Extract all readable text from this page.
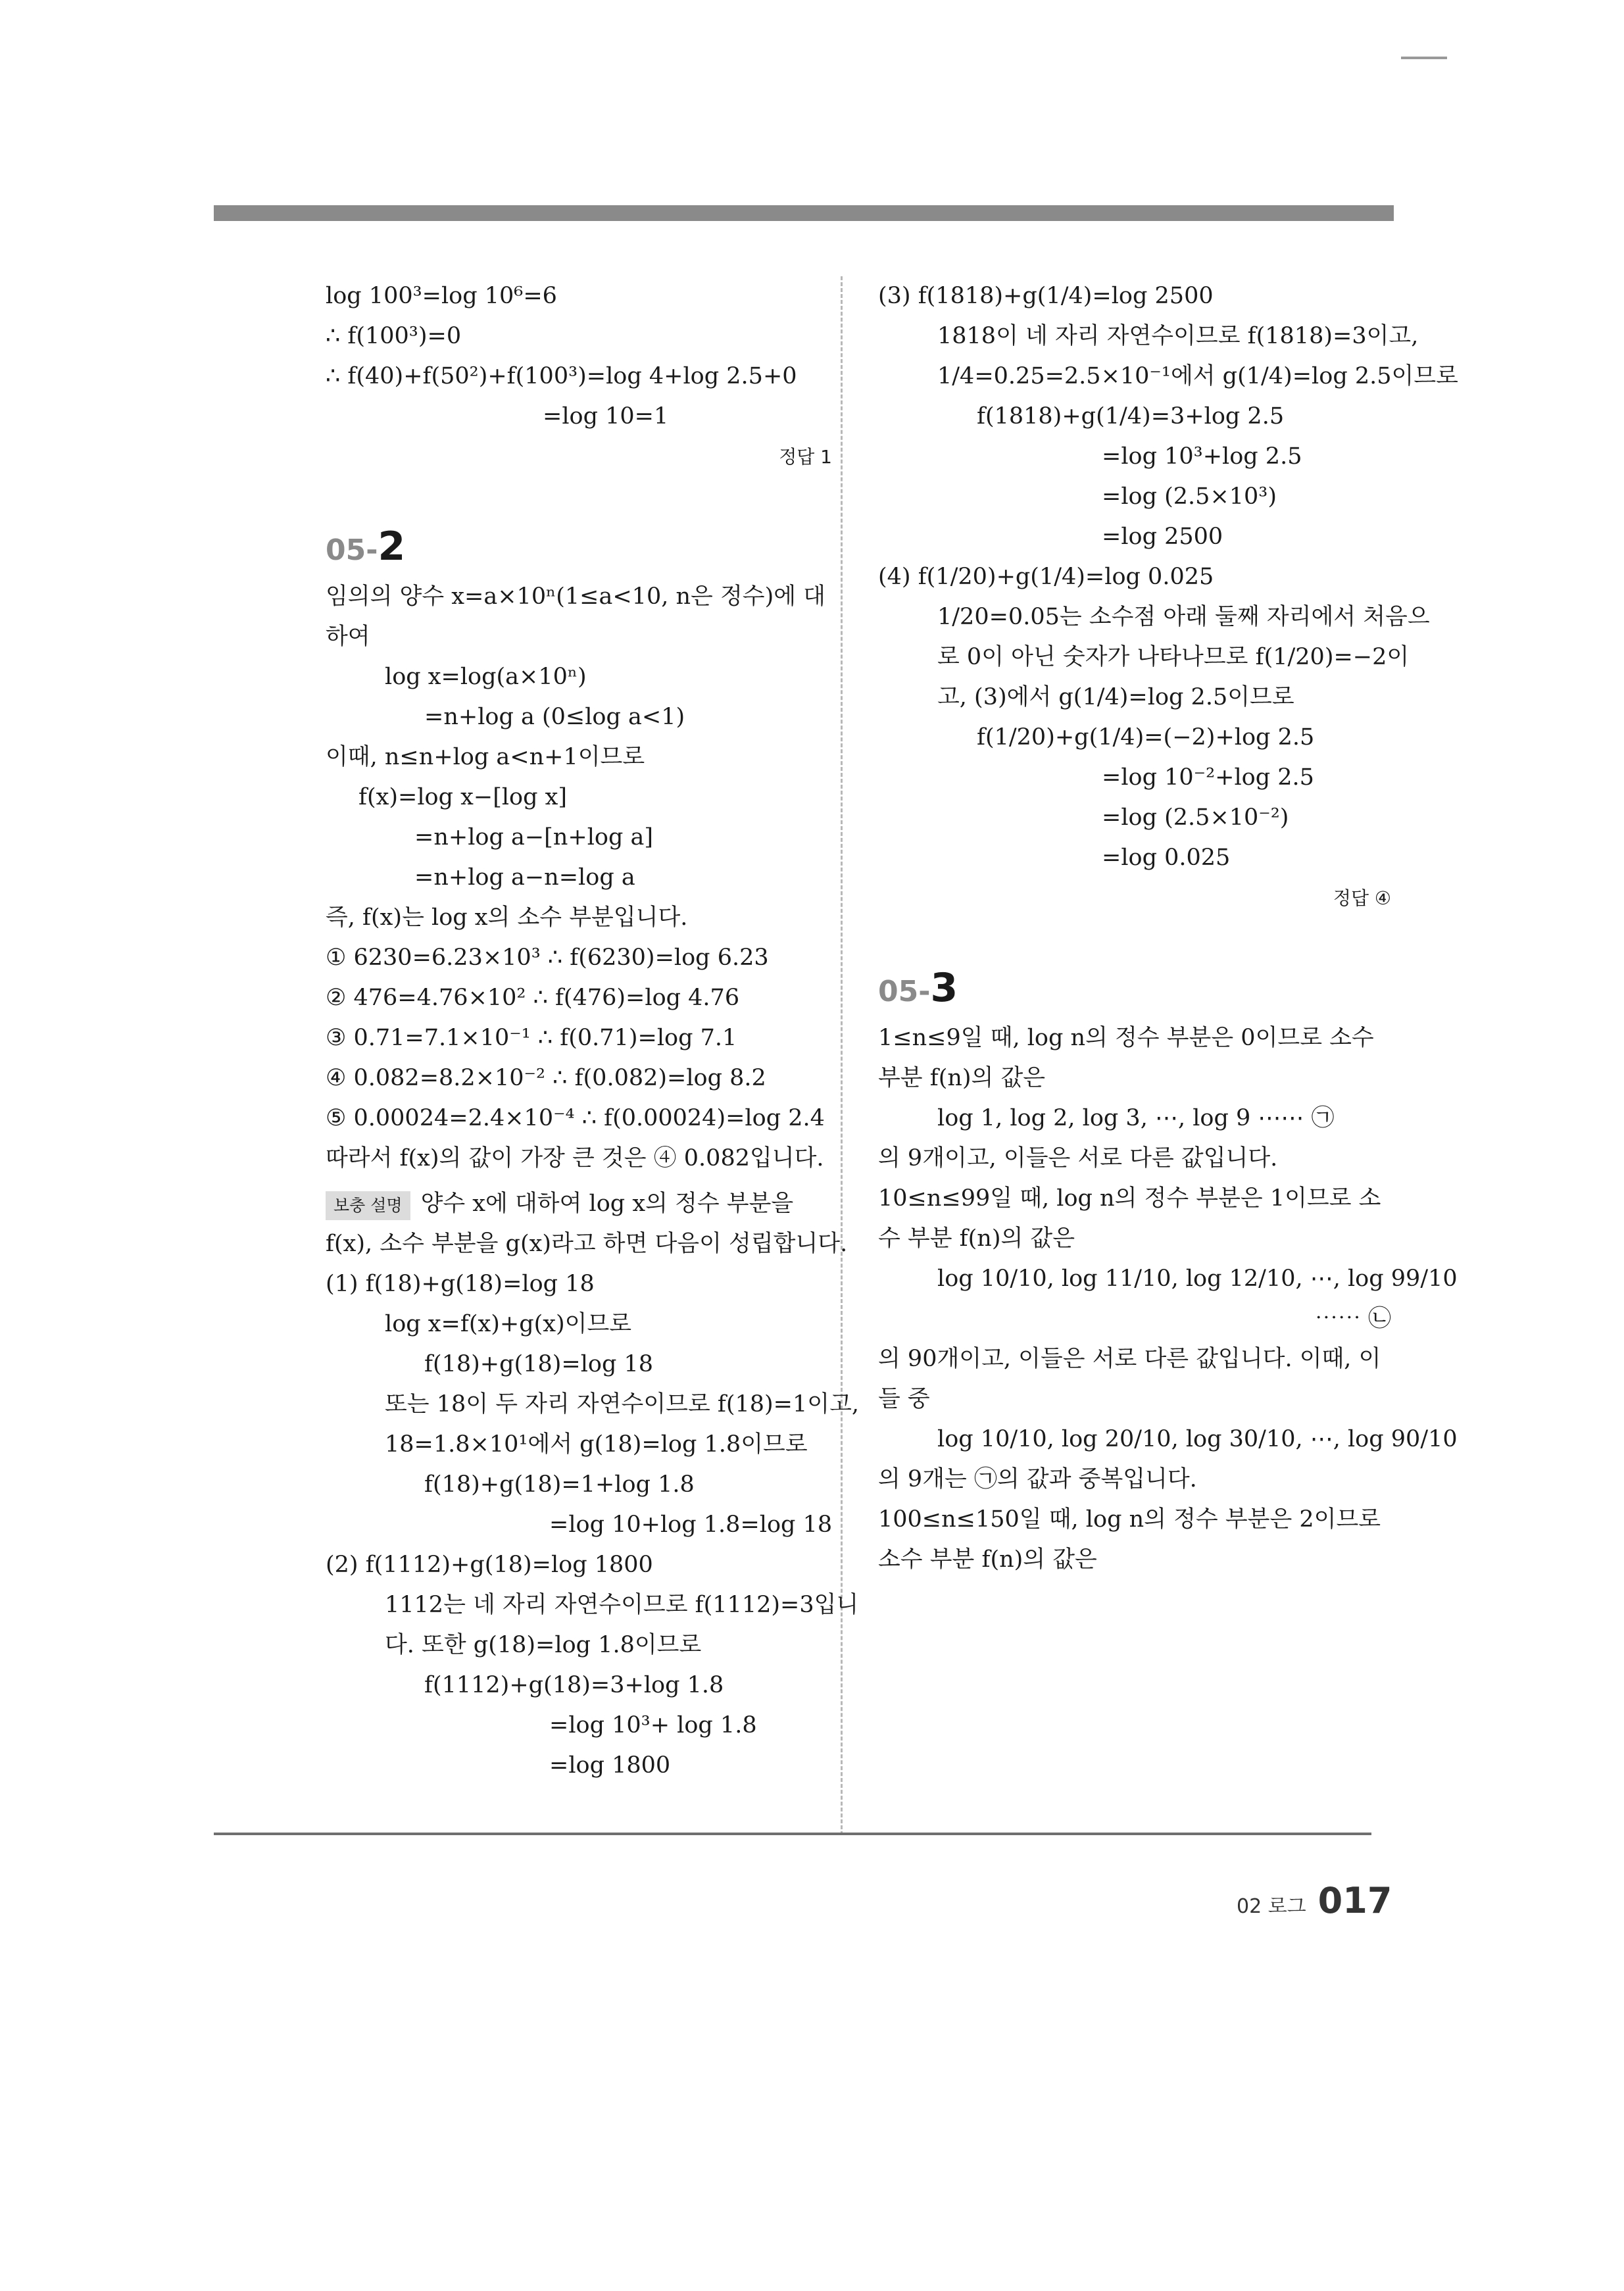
log 100³=log 10⁶=6
∴ f(100³)=0
∴ f(40)+f(50²)+f(100³)=log 4+log 2.5+0
=log 10=1
정답 1
05-2
임의의 양수 x=a×10ⁿ(1≤a<10, n은 정수)에 대
하여
log x=log(a×10ⁿ)
=n+log a (0≤log a<1)
이때, n≤n+log a<n+1이므로
f(x)=log x−[log x]
=n+log a−[n+log a]
=n+log a−n=log a
즉, f(x)는 log x의 소수 부분입니다.
① 6230=6.23×10³ ∴ f(6230)=log 6.23
② 476=4.76×10² ∴ f(476)=log 4.76
③ 0.71=7.1×10⁻¹ ∴ f(0.71)=log 7.1
④ 0.082=8.2×10⁻² ∴ f(0.082)=log 8.2
⑤ 0.00024=2.4×10⁻⁴ ∴ f(0.00024)=log 2.4
따라서 f(x)의 값이 가장 큰 것은 ④ 0.082입니다.
보충 설명 양수 x에 대하여 log x의 정수 부분을
f(x), 소수 부분을 g(x)라고 하면 다음이 성립합니다.
(1) f(18)+g(18)=log 18
log x=f(x)+g(x)이므로
f(18)+g(18)=log 18
또는 18이 두 자리 자연수이므로 f(18)=1이고,
18=1.8×10¹에서 g(18)=log 1.8이므로
f(18)+g(18)=1+log 1.8
=log 10+log 1.8=log 18
(2) f(1112)+g(18)=log 1800
1112는 네 자리 자연수이므로 f(1112)=3입니
다. 또한 g(18)=log 1.8이므로
f(1112)+g(18)=3+log 1.8
=log 10³+ log 1.8
=log 1800
(3) f(1818)+g(1/4)=log 2500
1818이 네 자리 자연수이므로 f(1818)=3이고,
1/4=0.25=2.5×10⁻¹에서 g(1/4)=log 2.5이므로
f(1818)+g(1/4)=3+log 2.5
=log 10³+log 2.5
=log (2.5×10³)
=log 2500
(4) f(1/20)+g(1/4)=log 0.025
1/20=0.05는 소수점 아래 둘째 자리에서 처음으
로 0이 아닌 숫자가 나타나므로 f(1/20)=−2이
고, (3)에서 g(1/4)=log 2.5이므로
f(1/20)+g(1/4)=(−2)+log 2.5
=log 10⁻²+log 2.5
=log (2.5×10⁻²)
=log 0.025
정답 ④
05-3
1≤n≤9일 때, log n의 정수 부분은 0이므로 소수
부분 f(n)의 값은
log 1, log 2, log 3, ⋯, log 9 ⋯⋯ ㉠
의 9개이고, 이들은 서로 다른 값입니다.
10≤n≤99일 때, log n의 정수 부분은 1이므로 소
수 부분 f(n)의 값은
log 10/10, log 11/10, log 12/10, ⋯, log 99/10
⋯⋯ ㉡
의 90개이고, 이들은 서로 다른 값입니다. 이때, 이
들 중
log 10/10, log 20/10, log 30/10, ⋯, log 90/10
의 9개는 ㉠의 값과 중복입니다.
100≤n≤150일 때, log n의 정수 부분은 2이므로
소수 부분 f(n)의 값은
02 로그 017
